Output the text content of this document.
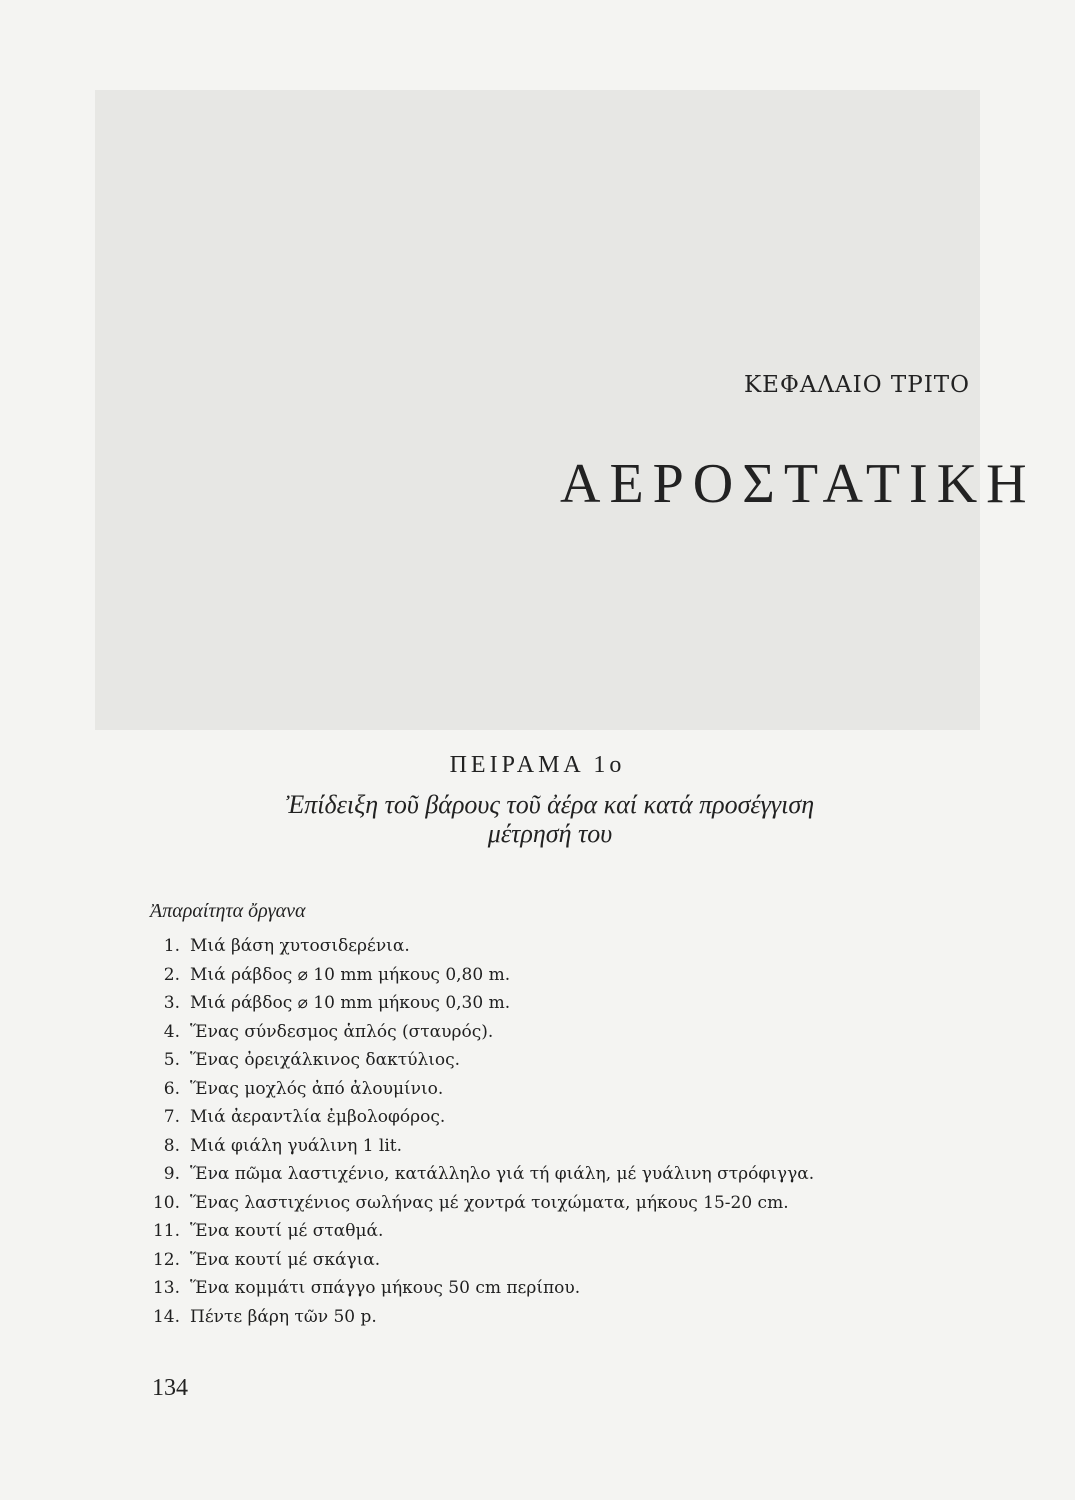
ΚΕΦΑΛΑΙΟ ΤΡΙΤΟ
ΑΕΡΟΣΤΑΤΙΚΗ
ΠΕΙΡΑΜΑ 1ο
Ἐπίδειξη τοῦ βάρους τοῦ ἀέρα καί κατά προσέγγιση μέτρησή του
Ἀπαραίτητα ὄργανα
1. Μιά βάση χυτοσιδερένια.
2. Μιά ράβδος ⌀ 10 mm μήκους 0,80 m.
3. Μιά ράβδος ⌀ 10 mm μήκους 0,30 m.
4. Ἕνας σύνδεσμος ἁπλός (σταυρός).
5. Ἕνας ὀρειχάλκινος δακτύλιος.
6. Ἕνας μοχλός ἀπό ἀλουμίνιο.
7. Μιά ἀεραντλία ἐμβολοφόρος.
8. Μιά φιάλη γυάλινη 1 lit.
9. Ἕνα πῶμα λαστιχένιο, κατάλληλο γιά τή φιάλη, μέ γυάλινη στρόφιγγα.
10. Ἕνας λαστιχένιος σωλήνας μέ χοντρά τοιχώματα, μήκους 15-20 cm.
11. Ἕνα κουτί μέ σταθμά.
12. Ἕνα κουτί μέ σκάγια.
13. Ἕνα κομμάτι σπάγγο μήκους 50 cm περίπου.
14. Πέντε βάρη τῶν 50 p.
134
